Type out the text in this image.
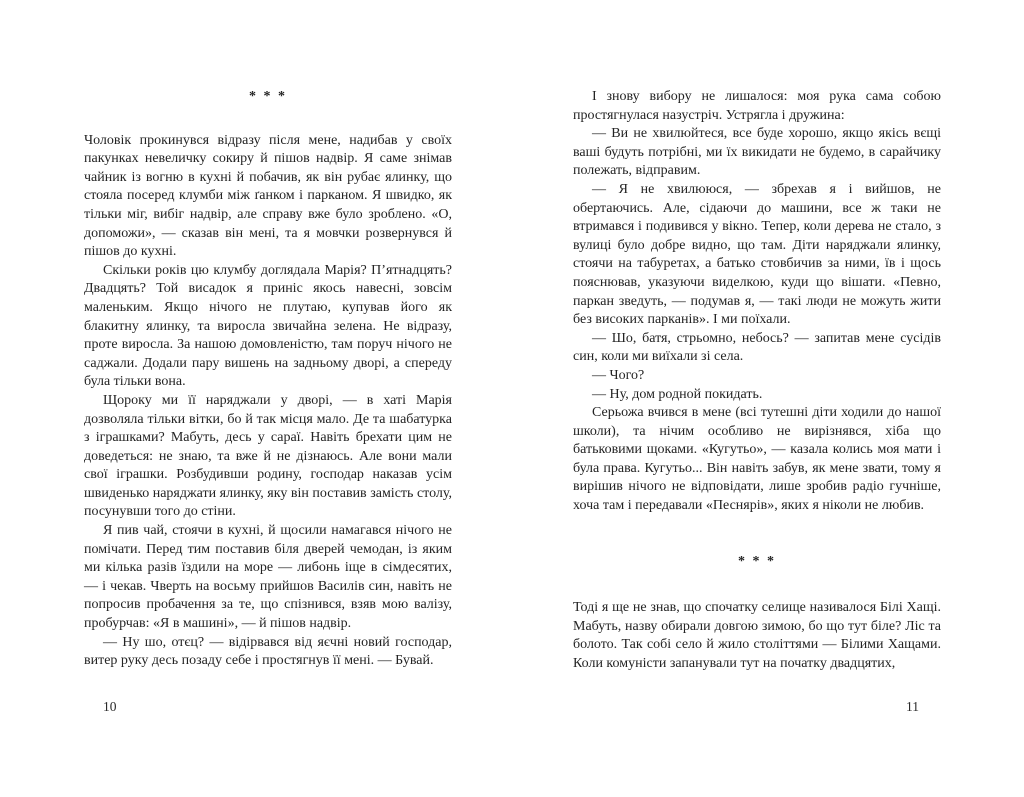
* * *

Чоловік прокинувся відразу після мене, надибав у своїх пакунках невеличку сокиру й пішов надвір. Я саме знімав чайник із вогню в кухні й побачив, як він рубає ялинку, що стояла посеред клумби між ґанком і парканом. Я швидко, як тільки міг, вибіг надвір, але справу вже було зроблено. «О, допоможи», — сказав він мені, та я мовчки розвернувся й пішов до кухні.

Скільки років цю клумбу доглядала Марія? П’ятнадцять? Двадцять? Той висадок я приніс якось навесні, зовсім маленьким. Якщо нічого не плутаю, купував його як блакитну ялинку, та виросла звичайна зелена. Не відразу, проте виросла. За нашою домовленістю, там поруч нічого не саджали. Додали пару вишень на задньому дворі, а спереду була тільки вона.

Щороку ми її наряджали у дворі, — в хаті Марія дозволяла тільки вітки, бо й так місця мало. Де та шабатурка з іграшками? Мабуть, десь у сараї. Навіть брехати цим не доведеться: не знаю, та вже й не дізнаюсь. Але вони мали свої іграшки. Розбудивши родину, господар наказав усім швиденько наряджати ялинку, яку він поставив замість столу, посунувши того до стіни.

Я пив чай, стоячи в кухні, й щосили намагався нічого не помічати. Перед тим поставив біля дверей чемодан, із яким ми кілька разів їздили на море — либонь іще в сімдесятих, — і чекав. Чверть на восьму прийшов Василів син, навіть не попросив пробачення за те, що спізнився, взяв мою валізу, пробурчав: «Я в машині», — й пішов надвір.

— Ну шо, отєц? — відірвався від яєчні новий господар, витер руку десь позаду себе і простягнув її мені. — Бувай.

І знову вибору не лишалося: моя рука сама собою простягнулася назустріч. Устрягла і дружина:

— Ви не хвилюйтеся, все буде хорошо, якщо якісь вєщі ваші будуть потрібні, ми їх викидати не будемо, в сарайчику полежать, відправим.

— Я не хвилююся, — збрехав я і вийшов, не обертаючись. Але, сідаючи до машини, все ж таки не втримався і подивився у вікно. Тепер, коли дерева не стало, з вулиці було добре видно, що там. Діти наряджали ялинку, стоячи на табуретах, а батько стовбичив за ними, їв і щось пояснював, указуючи виделкою, куди що вішати. «Певно, паркан зведуть, — подумав я, — такі люди не можуть жити без високих парканів». І ми поїхали.

— Шо, батя, стрьомно, небось? — запитав мене сусідів син, коли ми виїхали зі села.

— Чого?

— Ну, дом родной покидать.

Серьожа вчився в мене (всі тутешні діти ходили до нашої школи), та нічим особливо не вирізнявся, хіба що батьковими щоками. «Кугутьо», — казала колись моя мати і була права. Кугутьо... Він навіть забув, як мене звати, тому я вирішив нічого не відповідати, лише зробив радіо гучніше, хоча там і передавали «Песнярів», яких я ніколи не любив.

* * *

Тоді я ще не знав, що спочатку селище називалося Білі Хащі. Мабуть, назву обирали довгою зимою, бо що тут біле? Ліс та болото. Так собі село й жило століттями — Білими Хащами. Коли комуністи запанували тут на початку двадцятих,

10	11
